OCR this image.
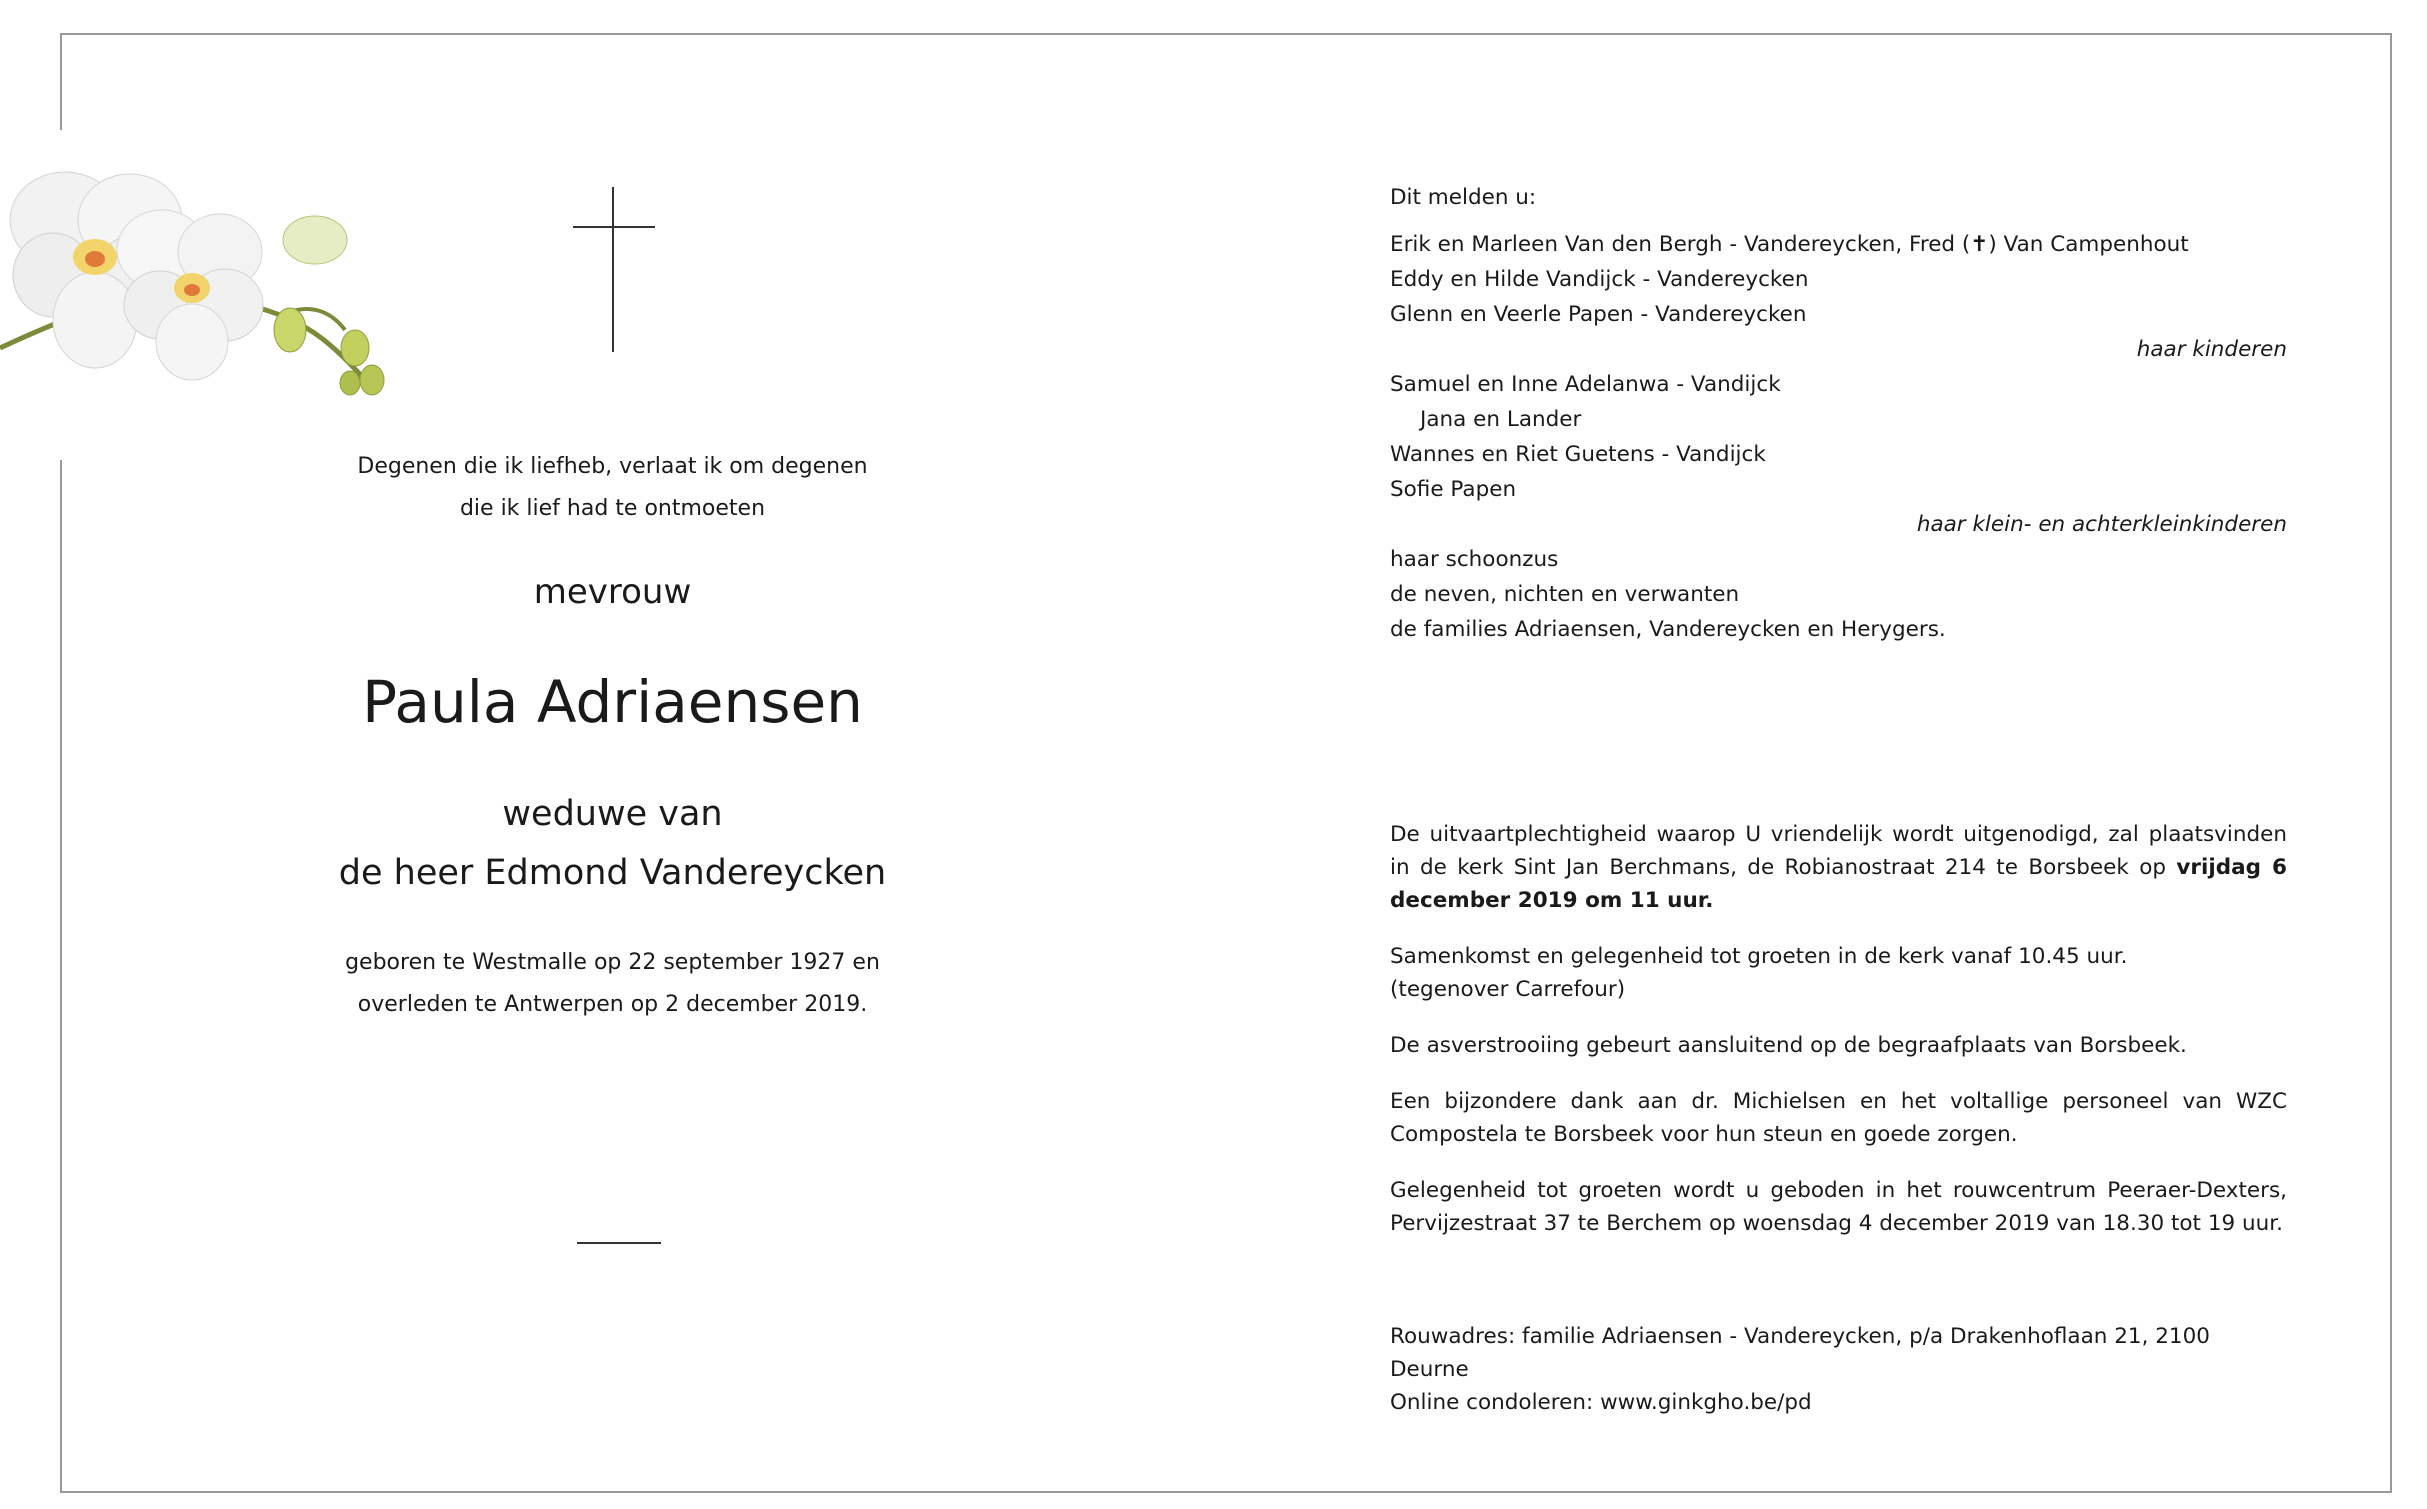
Degenen die ik liefheb, verlaat ik om degenen
die ik lief had te ontmoeten
mevrouw
Paula Adriaensen
weduwe van
de heer Edmond Vandereycken
geboren te Westmalle op 22 september 1927 en
overleden te Antwerpen op 2 december 2019.
Dit melden u:
Erik en Marleen Van den Bergh - Vandereycken, Fred (✝) Van Campenhout
Eddy en Hilde Vandijck - Vandereycken
Glenn en Veerle Papen - Vandereycken
haar kinderen
Samuel en Inne Adelanwa - Vandijck
Jana en Lander
Wannes en Riet Guetens - Vandijck
Sofie Papen
haar klein- en achterkleinkinderen
haar schoonzus
de neven, nichten en verwanten
de families Adriaensen, Vandereycken en Herygers.

De uitvaartplechtigheid waarop U vriendelijk wordt uitgenodigd, zal plaatsvinden in de kerk Sint Jan Berchmans, de Robianostraat 214 te Borsbeek op vrijdag 6 december 2019 om 11 uur.

Samenkomst en gelegenheid tot groeten in de kerk vanaf 10.45 uur.
(tegenover Carrefour)

De asverstrooiing gebeurt aansluitend op de begraafplaats van Borsbeek.

Een bijzondere dank aan dr. Michielsen en het voltallige personeel van WZC Compostela te Borsbeek voor hun steun en goede zorgen.

Gelegenheid tot groeten wordt u geboden in het rouwcentrum Peeraer-Dexters, Pervijzestraat 37 te Berchem op woensdag 4 december 2019 van 18.30 tot 19 uur.

Rouwadres: familie Adriaensen - Vandereycken, p/a Drakenhoflaan 21, 2100 Deurne
Online condoleren: www.ginkgho.be/pd
